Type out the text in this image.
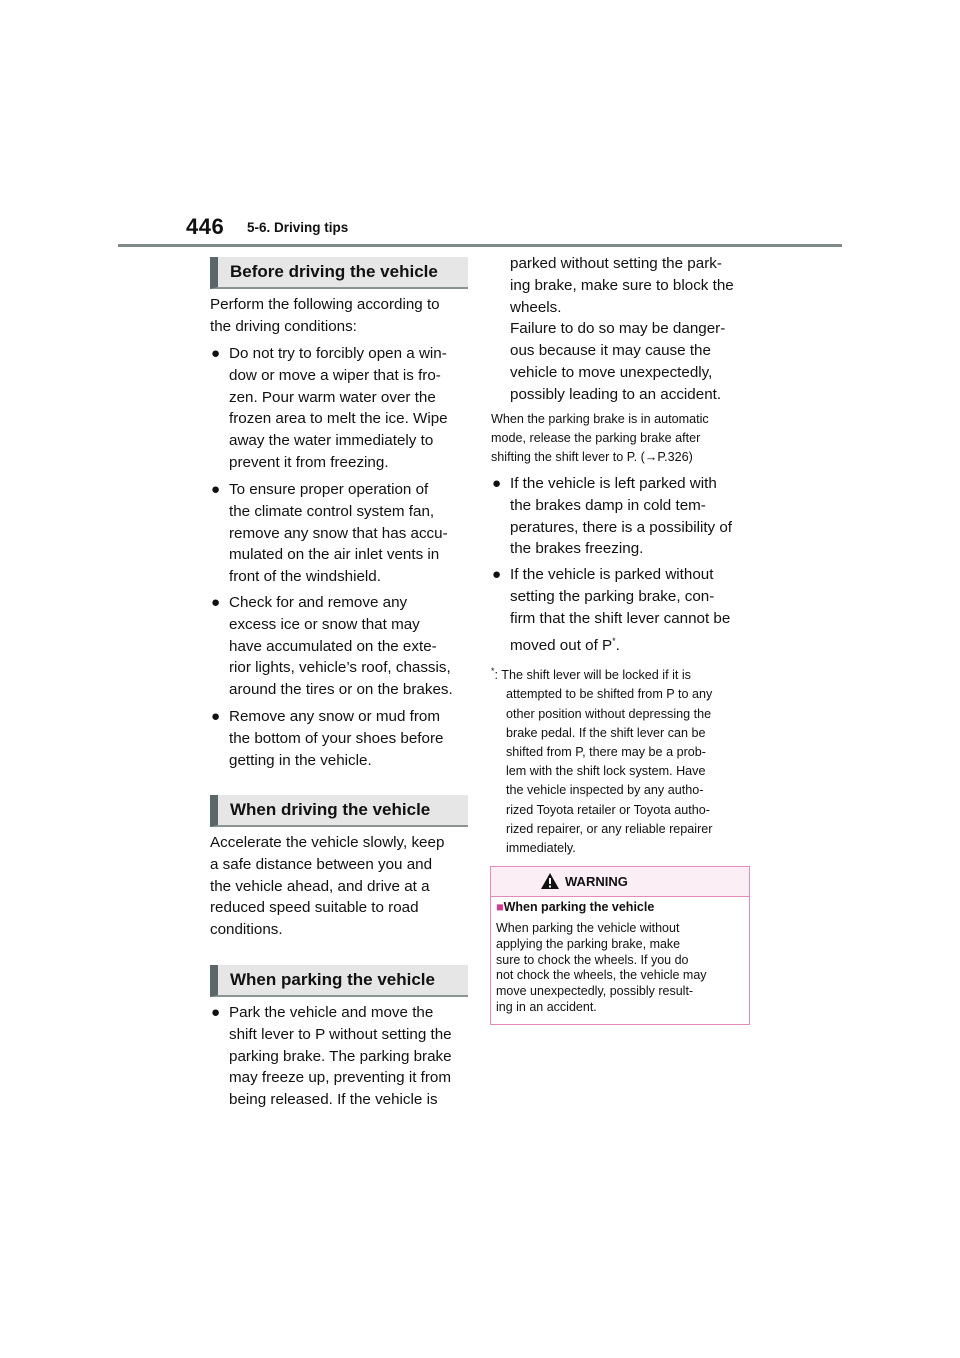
446 5-6. Driving tips
Before driving the vehicle
Perform the following according to
the driving conditions:
● Do not try to forcibly open a win-
dow or move a wiper that is fro-
zen. Pour warm water over the
frozen area to melt the ice. Wipe
away the water immediately to
prevent it from freezing.
● To ensure proper operation of
the climate control system fan,
remove any snow that has accu-
mulated on the air inlet vents in
front of the windshield.
● Check for and remove any
excess ice or snow that may
have accumulated on the exte-
rior lights, vehicle’s roof, chassis,
around the tires or on the brakes.
● Remove any snow or mud from
the bottom of your shoes before
getting in the vehicle.
When driving the vehicle
Accelerate the vehicle slowly, keep
a safe distance between you and
the vehicle ahead, and drive at a
reduced speed suitable to road
conditions.
When parking the vehicle
● Park the vehicle and move the
shift lever to P without setting the
parking brake. The parking brake
may freeze up, preventing it from
being released. If the vehicle is
parked without setting the park-
ing brake, make sure to block the
wheels.
Failure to do so may be danger-
ous because it may cause the
vehicle to move unexpectedly,
possibly leading to an accident.
When the parking brake is in automatic
mode, release the parking brake after
shifting the shift lever to P. (→P.326)
● If the vehicle is left parked with
the brakes damp in cold tem-
peratures, there is a possibility of
the brakes freezing.
● If the vehicle is parked without
setting the parking brake, con-
firm that the shift lever cannot be
moved out of P*.
*: The shift lever will be locked if it is
attempted to be shifted from P to any
other position without depressing the
brake pedal. If the shift lever can be
shifted from P, there may be a prob-
lem with the shift lock system. Have
the vehicle inspected by any autho-
rized Toyota retailer or Toyota autho-
rized repairer, or any reliable repairer
immediately.
WARNING
■When parking the vehicle
When parking the vehicle without
applying the parking brake, make
sure to chock the wheels. If you do
not chock the wheels, the vehicle may
move unexpectedly, possibly result-
ing in an accident.
